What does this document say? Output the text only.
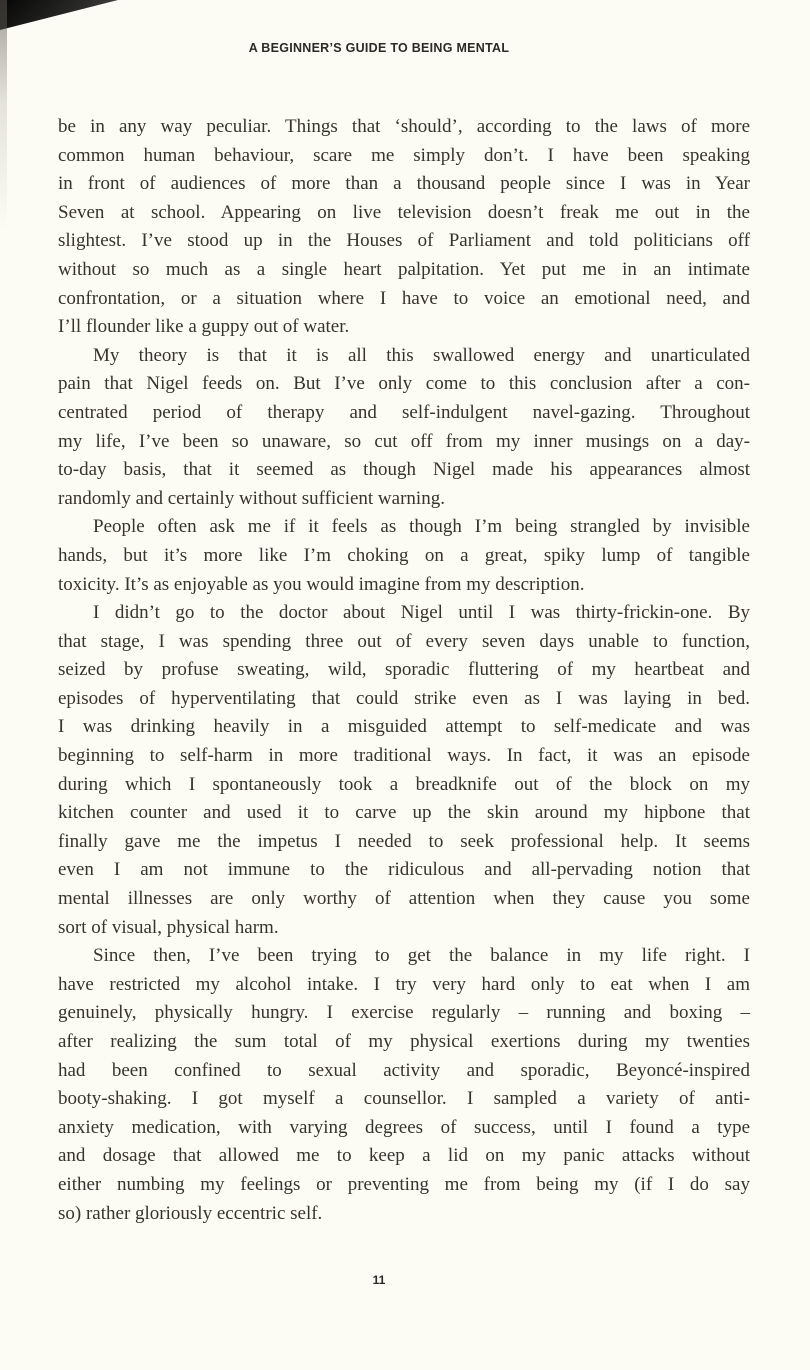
A BEGINNER’S GUIDE TO BEING MENTAL
be in any way peculiar. Things that ‘should’, according to the laws of more
common human behaviour, scare me simply don’t. I have been speaking
in front of audiences of more than a thousand people since I was in Year
Seven at school. Appearing on live television doesn’t freak me out in the
slightest. I’ve stood up in the Houses of Parliament and told politicians off
without so much as a single heart palpitation. Yet put me in an intimate
confrontation, or a situation where I have to voice an emotional need, and
I’ll flounder like a guppy out of water.
My theory is that it is all this swallowed energy and unarticulated
pain that Nigel feeds on. But I’ve only come to this conclusion after a con-
centrated period of therapy and self-indulgent navel-gazing. Throughout
my life, I’ve been so unaware, so cut off from my inner musings on a day-
to-day basis, that it seemed as though Nigel made his appearances almost
randomly and certainly without sufficient warning.
People often ask me if it feels as though I’m being strangled by invisible
hands, but it’s more like I’m choking on a great, spiky lump of tangible
toxicity. It’s as enjoyable as you would imagine from my description.
I didn’t go to the doctor about Nigel until I was thirty-frickin-one. By
that stage, I was spending three out of every seven days unable to function,
seized by profuse sweating, wild, sporadic fluttering of my heartbeat and
episodes of hyperventilating that could strike even as I was laying in bed.
I was drinking heavily in a misguided attempt to self-medicate and was
beginning to self-harm in more traditional ways. In fact, it was an episode
during which I spontaneously took a breadknife out of the block on my
kitchen counter and used it to carve up the skin around my hipbone that
finally gave me the impetus I needed to seek professional help. It seems
even I am not immune to the ridiculous and all-pervading notion that
mental illnesses are only worthy of attention when they cause you some
sort of visual, physical harm.
Since then, I’ve been trying to get the balance in my life right. I
have restricted my alcohol intake. I try very hard only to eat when I am
genuinely, physically hungry. I exercise regularly – running and boxing –
after realizing the sum total of my physical exertions during my twenties
had been confined to sexual activity and sporadic, Beyoncé-inspired
booty-shaking. I got myself a counsellor. I sampled a variety of anti-
anxiety medication, with varying degrees of success, until I found a type
and dosage that allowed me to keep a lid on my panic attacks without
either numbing my feelings or preventing me from being my (if I do say
so) rather gloriously eccentric self.
11
